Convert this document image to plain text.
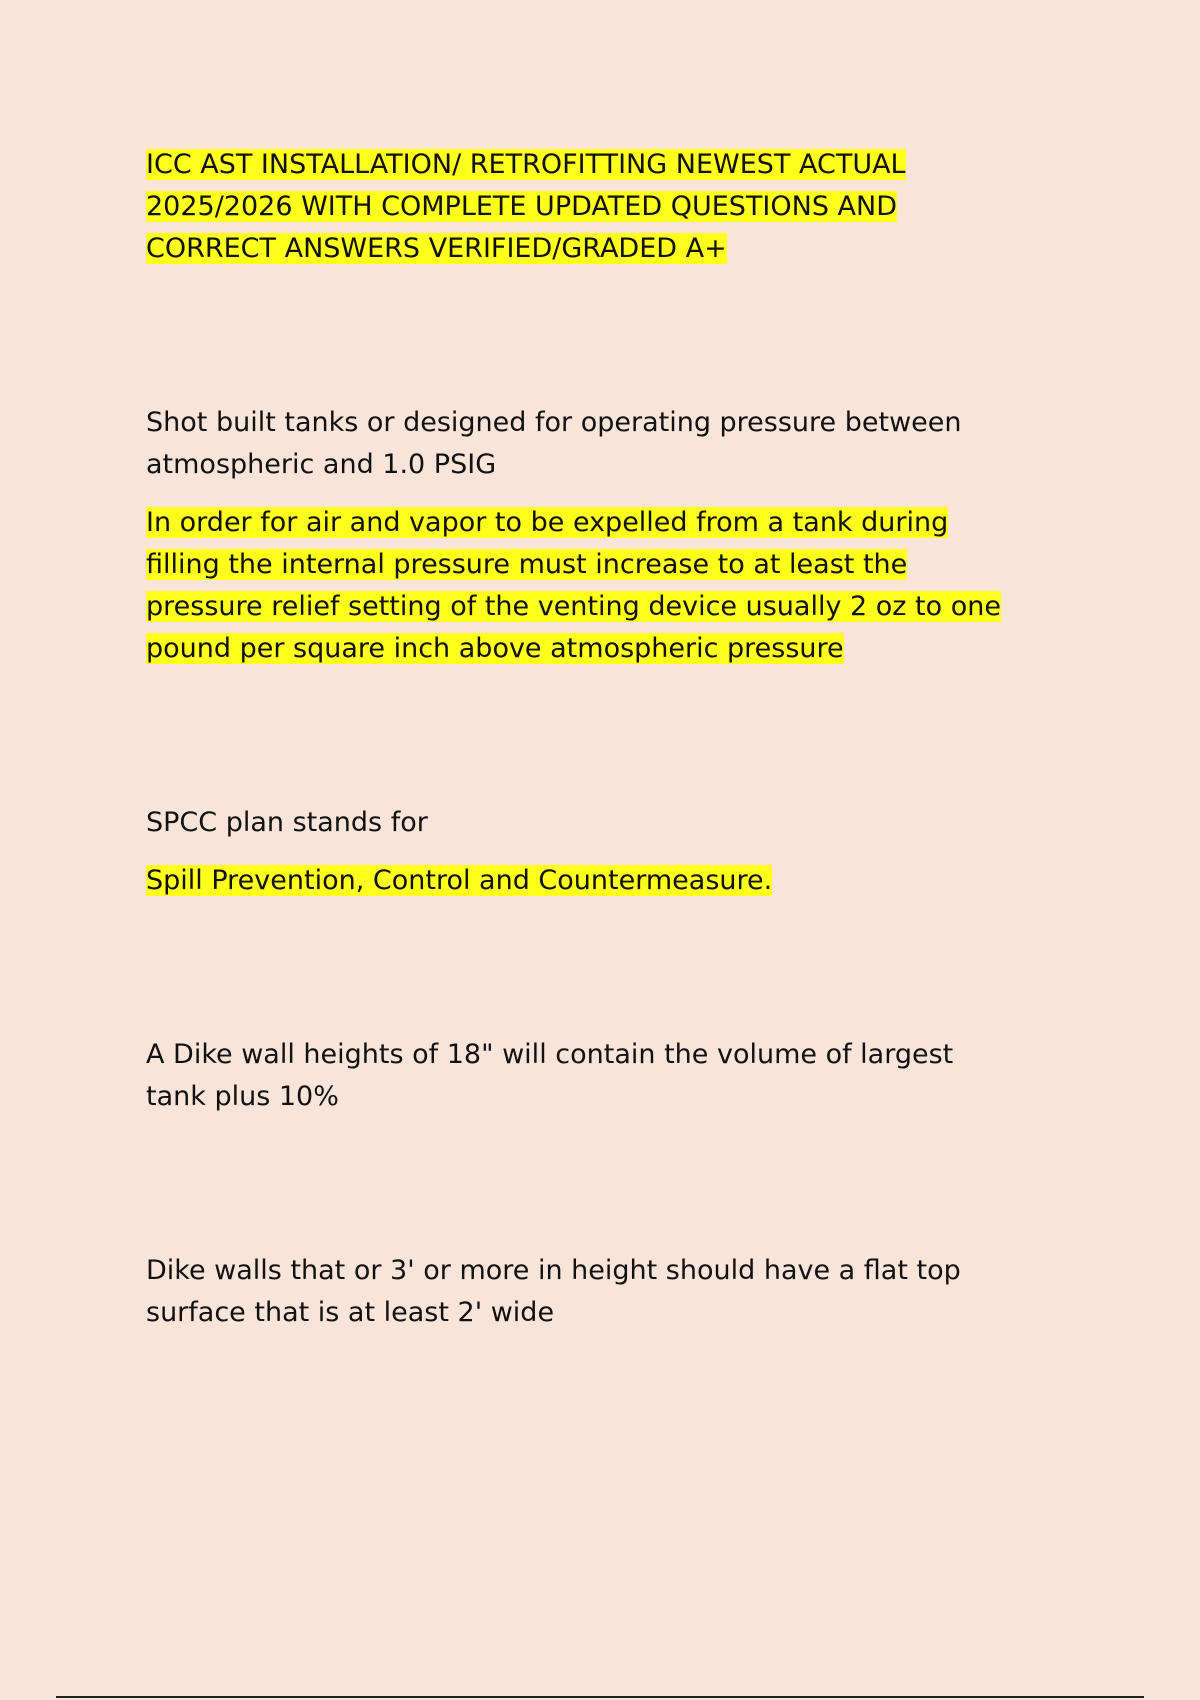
ICC AST INSTALLATION/ RETROFITTING NEWEST ACTUAL
2025/2026 WITH COMPLETE UPDATED QUESTIONS AND
CORRECT ANSWERS VERIFIED/GRADED A+
Shot built tanks or designed for operating pressure between
atmospheric and 1.0 PSIG
In order for air and vapor to be expelled from a tank during
filling the internal pressure must increase to at least the
pressure relief setting of the venting device usually 2 oz to one
pound per square inch above atmospheric pressure
SPCC plan stands for
Spill Prevention, Control and Countermeasure.
A Dike wall heights of 18" will contain the volume of largest
tank plus 10%
Dike walls that or 3' or more in height should have a flat top
surface that is at least 2' wide
